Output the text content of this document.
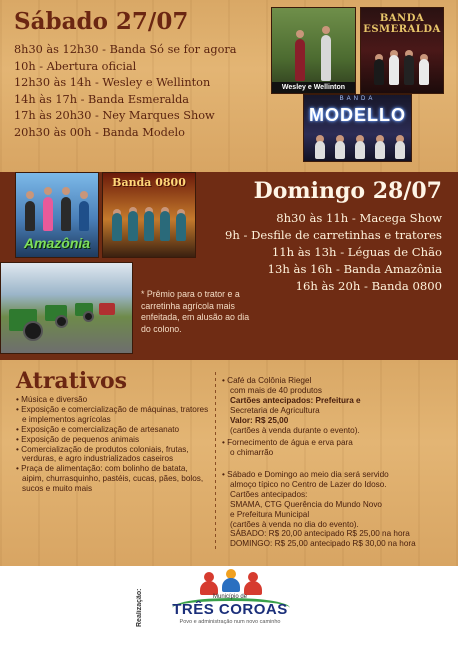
Sábado 27/07
8h30 às 12h30 - Banda Só se for agora
10h - Abertura oficial
12h30 às 14h - Wesley e Wellinton
14h às 17h - Banda Esmeralda
17h às 20h30 - Ney Marques Show
20h30 às 00h - Banda Modelo
Wesley e Wellinton
BANDA ESMERALDA
BANDA
MODELLO
Amazônia
Banda 0800	Domingo 28/07
8h30 às 11h - Macega Show
9h - Desfile de carretinhas e tratores
11h às 13h - Léguas de Chão
13h às 16h - Banda Amazônia
16h às 20h - Banda 0800
* Prêmio para o trator e a carretinha agrícola mais enfeitada, em alusão ao dia do colono.
Atrativos
• Música e diversão
• Exposição e comercialização de máquinas, tratores e implementos agrícolas
• Exposição e comercialização de artesanato
• Exposição de pequenos animais
• Comercialização de produtos coloniais, frutas, verduras, e agro industrializados caseiros
• Praça de alimentação: com bolinho de batata, aipim, churrasquinho, pastéis, cucas, pães, bolos, sucos e muito mais
• Café da Colônia Riegel
com mais de 40 produtos
Cartões antecipados: Prefeitura e
Secretaria de Agricultura
Valor: R$ 25,00
(cartões à venda durante o evento).
• Fornecimento de água e erva para
o chimarrão
• Sábado e Domingo ao meio dia será servido
almoço típico no Centro de Lazer do Idoso.
Cartões antecipados:
SMAMA, CTG Querência do Mundo Novo
e Prefeitura Municipal
(cartões à venda no dia do evento).
SÁBADO: R$ 20,00 antecipado R$ 25,00 na hora
DOMINGO: R$ 25,00 antecipado R$ 30,00 na hora
Realização:	Município de
TRÊS COROAS
Povo e administração num novo caminho
